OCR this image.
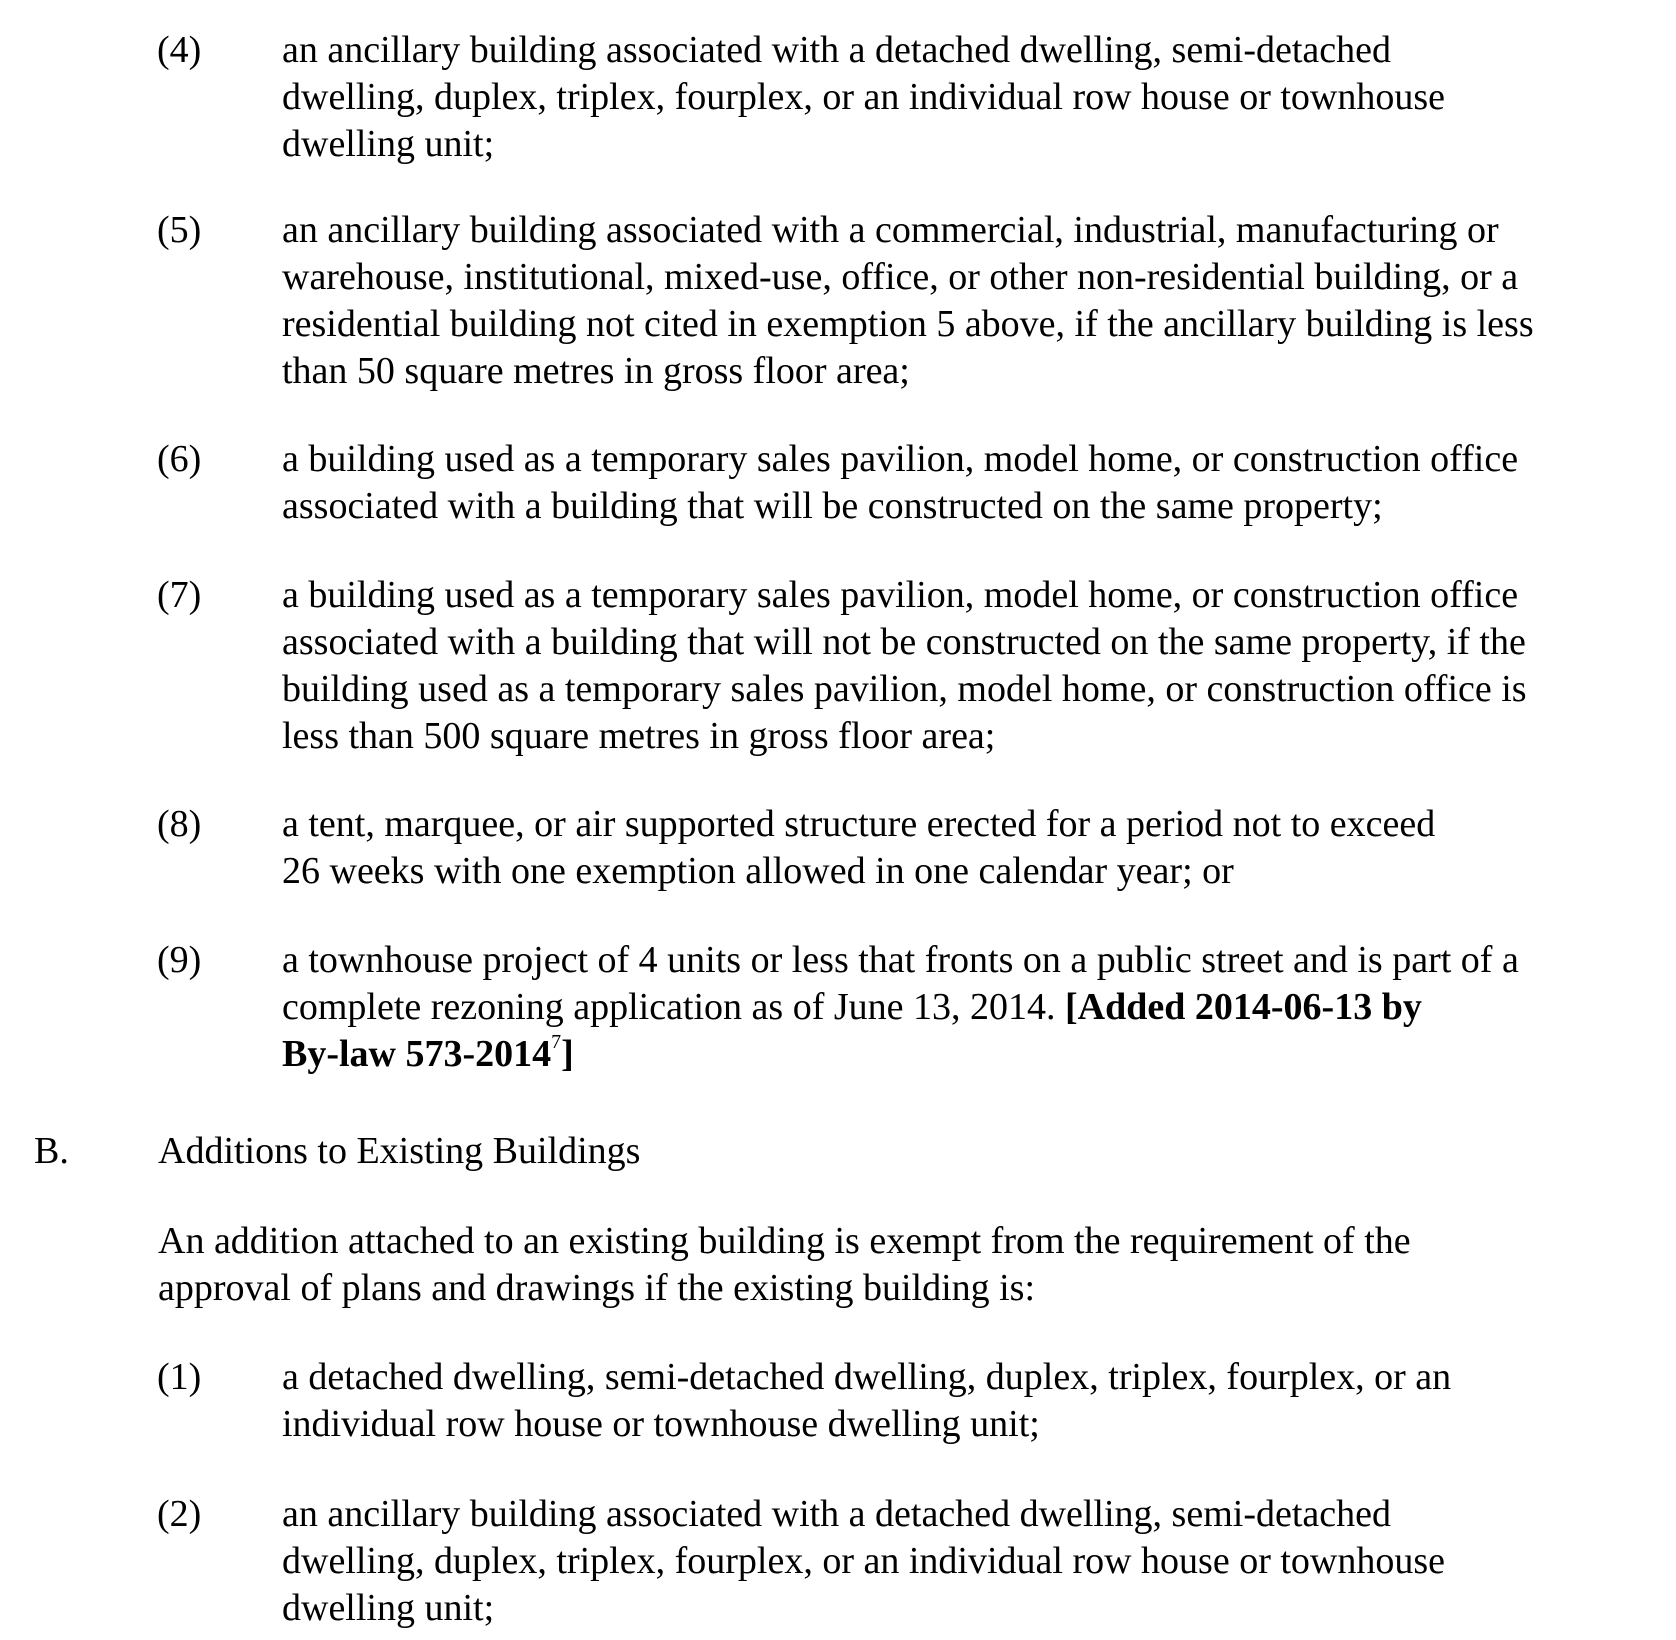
(4) an ancillary building associated with a detached dwelling, semi-detached
dwelling, duplex, triplex, fourplex, or an individual row house or townhouse
dwelling unit;
(5) an ancillary building associated with a commercial, industrial, manufacturing or
warehouse, institutional, mixed-use, office, or other non-residential building, or a
residential building not cited in exemption 5 above, if the ancillary building is less
than 50 square metres in gross floor area;
(6) a building used as a temporary sales pavilion, model home, or construction office
associated with a building that will be constructed on the same property;
(7) a building used as a temporary sales pavilion, model home, or construction office
associated with a building that will not be constructed on the same property, if the
building used as a temporary sales pavilion, model home, or construction office is
less than 500 square metres in gross floor area;
(8) a tent, marquee, or air supported structure erected for a period not to exceed
26 weeks with one exemption allowed in one calendar year; or
(9) a townhouse project of 4 units or less that fronts on a public street and is part of a
complete rezoning application as of June 13, 2014. [Added 2014-06-13 by
By-law 573-2014$^7$]
B. Additions to Existing Buildings
An addition attached to an existing building is exempt from the requirement of the
approval of plans and drawings if the existing building is:
(1) a detached dwelling, semi-detached dwelling, duplex, triplex, fourplex, or an
individual row house or townhouse dwelling unit;
(2) an ancillary building associated with a detached dwelling, semi-detached
dwelling, duplex, triplex, fourplex, or an individual row house or townhouse
dwelling unit;
